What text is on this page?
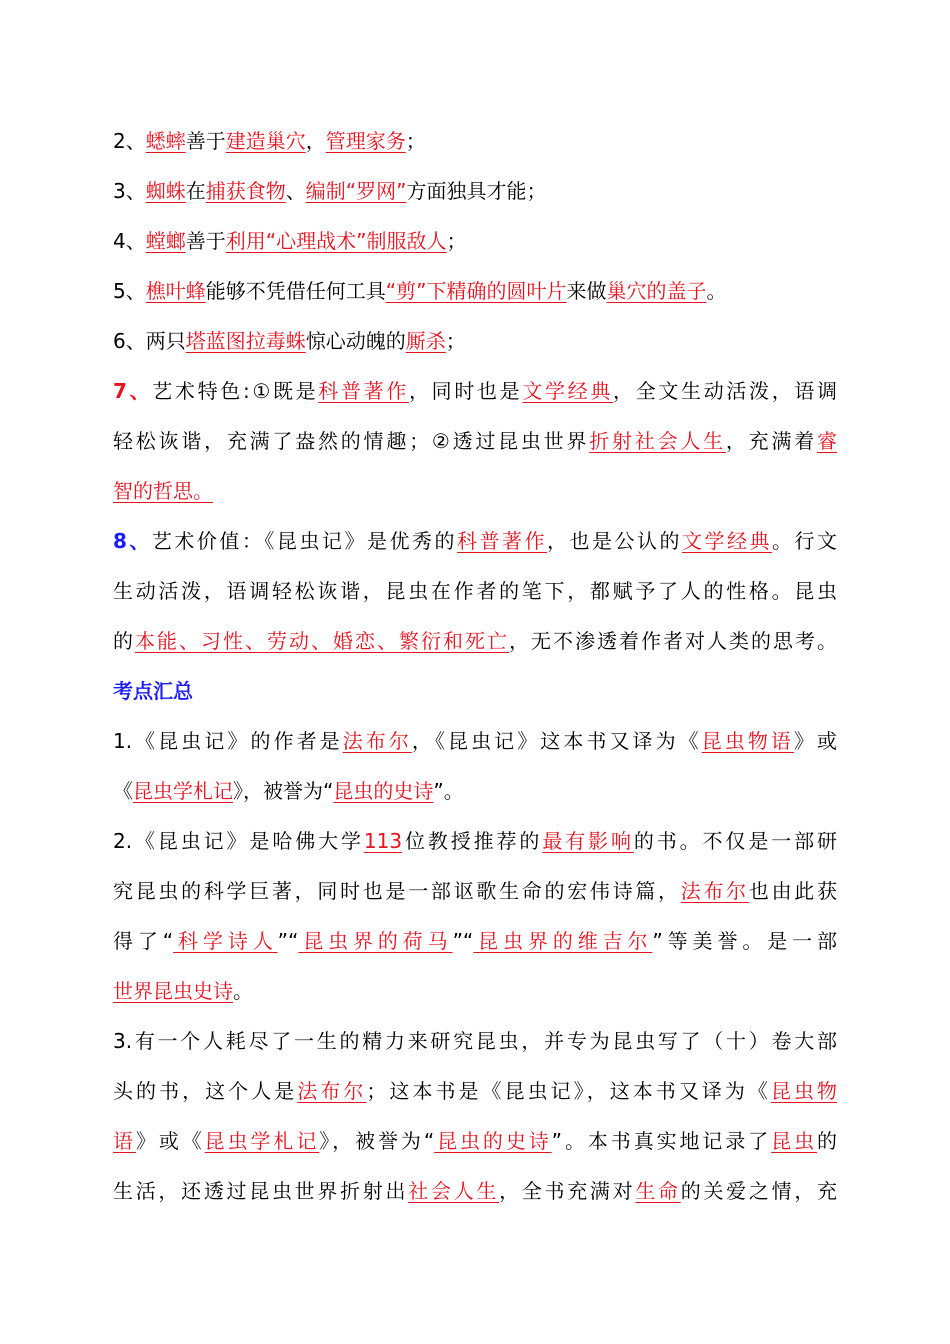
2、蟋蟀善于建造巢穴，管理家务；
3、蜘蛛在捕获食物、编制“罗网”方面独具才能；
4、螳螂善于利用“心理战术”制服敌人；
5、樵叶蜂能够不凭借任何工具“剪”下精确的圆叶片来做巢穴的盖子。
6、两只塔蓝图拉毒蛛惊心动魄的厮杀；
7、艺术特色:①既是科普著作，同时也是文学经典，全文生动活泼，语调
轻松诙谐，充满了盎然的情趣；②透过昆虫世界折射社会人生，充满着睿
智的哲思。
8、艺术价值：《昆虫记》是优秀的科普著作，也是公认的文学经典。行文
生动活泼，语调轻松诙谐，昆虫在作者的笔下，都赋予了人的性格。昆虫
的本能、习性、劳动、婚恋、繁衍和死亡，无不渗透着作者对人类的思考。
考点汇总
1.《昆虫记》的作者是法布尔，《昆虫记》这本书又译为《昆虫物语》或
《昆虫学札记》，被誉为“昆虫的史诗”。
2.《昆虫记》是哈佛大学113位教授推荐的最有影响的书。不仅是一部研
究昆虫的科学巨著，同时也是一部讴歌生命的宏伟诗篇，法布尔也由此获
得了“科学诗人”“昆虫界的荷马”“昆虫界的维吉尔”等美誉。是一部
世界昆虫史诗。
3.有一个人耗尽了一生的精力来研究昆虫，并专为昆虫写了（十）卷大部
头的书，这个人是法布尔；这本书是《昆虫记》，这本书又译为《昆虫物
语》或《昆虫学札记》，被誉为“昆虫的史诗”。本书真实地记录了昆虫的
生活，还透过昆虫世界折射出社会人生，全书充满对生命的关爱之情，充
